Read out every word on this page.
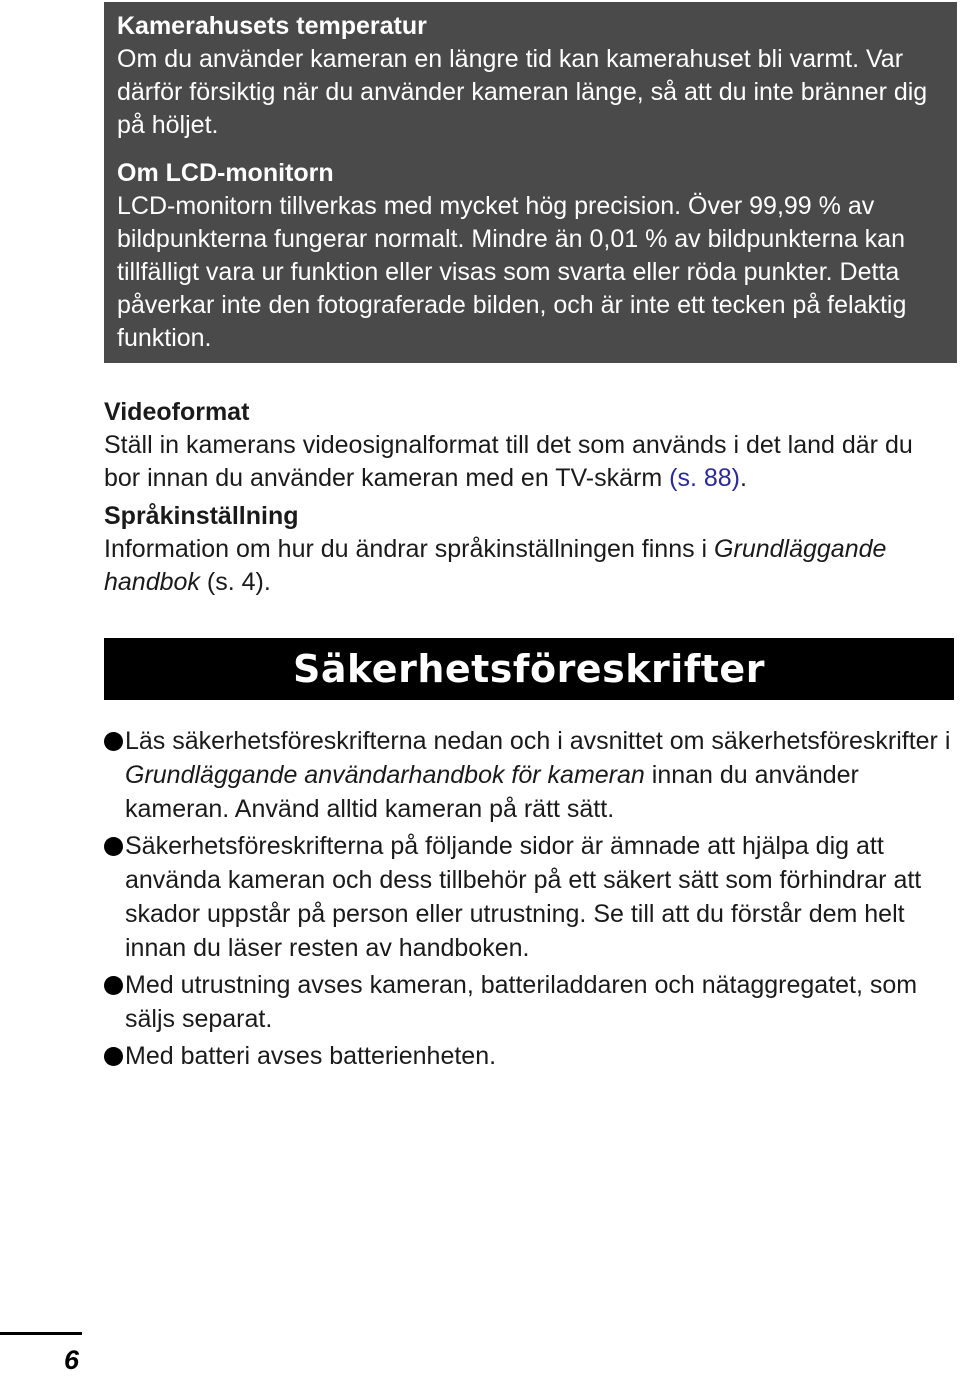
Kamerahusets temperatur

Om du använder kameran en längre tid kan kamerahuset bli varmt. Var därför försiktig när du använder kameran länge, så att du inte bränner dig på höljet.

Om LCD-monitorn

LCD-monitorn tillverkas med mycket hög precision. Över 99,99 % av bildpunkterna fungerar normalt. Mindre än 0,01 % av bildpunkterna kan tillfälligt vara ur funktion eller visas som svarta eller röda punkter. Detta påverkar inte den fotograferade bilden, och är inte ett tecken på felaktig funktion.

Videoformat

Ställ in kamerans videosignalformat till det som används i det land där du bor innan du använder kameran med en TV-skärm (s. 88).

Språkinställning

Information om hur du ändrar språkinställningen finns i Grundläggande handbok (s. 4).

Säkerhetsföreskrifter
Läs säkerhetsföreskrifterna nedan och i avsnittet om säkerhetsföreskrifter i Grundläggande användarhandbok för kameran innan du använder kameran. Använd alltid kameran på rätt sätt.
Säkerhetsföreskrifterna på följande sidor är ämnade att hjälpa dig att använda kameran och dess tillbehör på ett säkert sätt som förhindrar att skador uppstår på person eller utrustning. Se till att du förstår dem helt innan du läser resten av handboken.
Med utrustning avses kameran, batteriladdaren och nätaggregatet, som säljs separat.
Med batteri avses batterienheten.
6
